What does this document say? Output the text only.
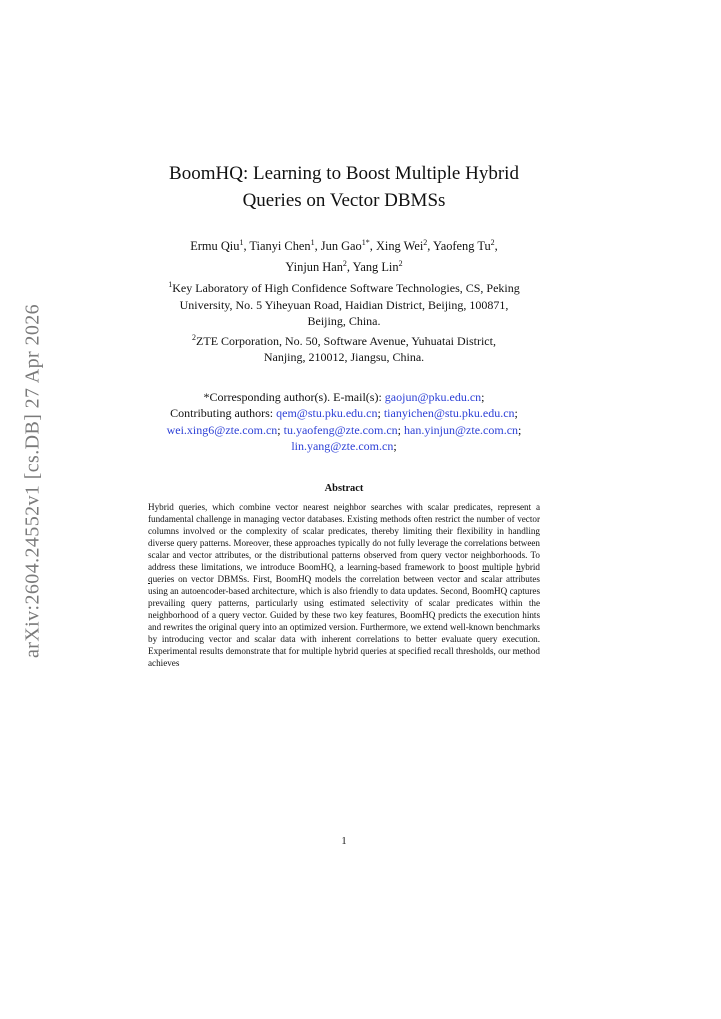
arXiv:2604.24552v1 [cs.DB] 27 Apr 2026
BoomHQ: Learning to Boost Multiple Hybrid
Queries on Vector DBMSs
Ermu Qiu$^1$, Tianyi Chen$^1$, Jun Gao$^{1*}$, Xing Wei$^2$, Yaofeng Tu$^2$,
Yinjun Han$^2$, Yang Lin$^2$
$^1$Key Laboratory of High Confidence Software Technologies, CS, Peking
University, No. 5 Yiheyuan Road, Haidian District, Beijing, 100871,
Beijing, China.
$^2$ZTE Corporation, No. 50, Software Avenue, Yuhuatai District,
Nanjing, 210012, Jiangsu, China.
*Corresponding author(s). E-mail(s): gaojun@pku.edu.cn;
Contributing authors: qem@stu.pku.edu.cn; tianyichen@stu.pku.edu.cn;
wei.xing6@zte.com.cn; tu.yaofeng@zte.com.cn; han.yinjun@zte.com.cn;
lin.yang@zte.com.cn;
Abstract
Hybrid queries, which combine vector nearest neighbor searches with scalar predicates, represent a fundamental challenge in managing vector databases. Existing methods often restrict the number of vector columns involved or the complexity of scalar predicates, thereby limiting their flexibility in handling diverse query patterns. Moreover, these approaches typically do not fully leverage the correlations between scalar and vector attributes, or the distributional patterns observed from query vector neighborhoods. To address these limitations, we introduce BoomHQ, a learning-based framework to boost multiple hybrid queries on vector DBMSs. First, BoomHQ models the correlation between vector and scalar attributes using an autoencoder-based architecture, which is also friendly to data updates. Second, BoomHQ captures prevailing query patterns, particularly using estimated selectivity of scalar predicates within the neighborhood of a query vector. Guided by these two key features, BoomHQ predicts the execution hints and rewrites the original query into an optimized version. Furthermore, we extend well-known benchmarks by introducing vector and scalar data with inherent correlations to better evaluate query execution. Experimental results demonstrate that for multiple hybrid queries at specified recall thresholds, our method achieves
1
